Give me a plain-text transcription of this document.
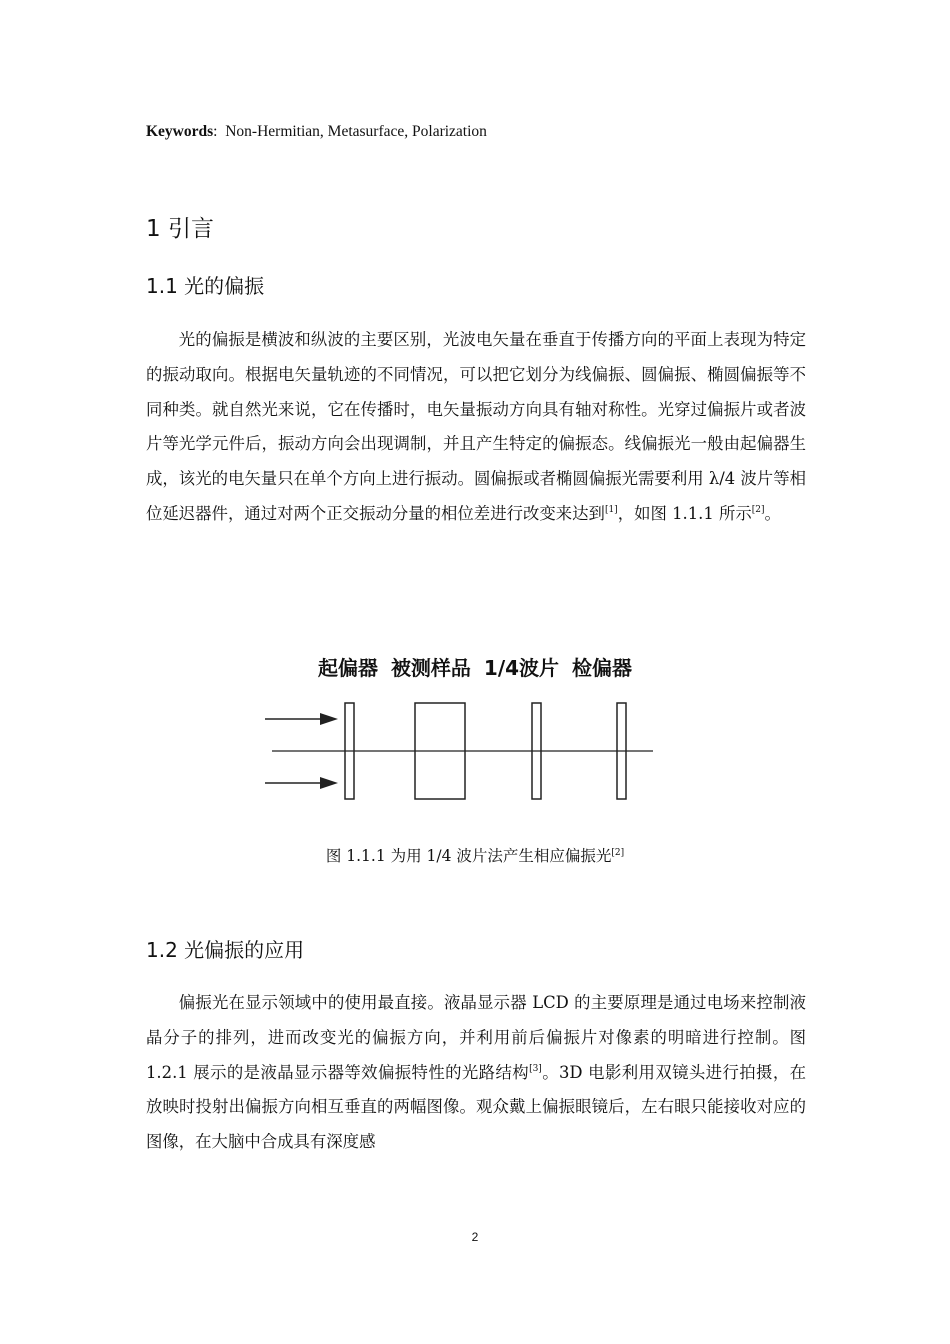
Keywords: Non-Hermitian, Metasurface, Polarization
1 引言
1.1 光的偏振
光的偏振是横波和纵波的主要区别，光波电矢量在垂直于传播方向的平面上表现为特定的振动取向。根据电矢量轨迹的不同情况，可以把它划分为线偏振、圆偏振、椭圆偏振等不同种类。就自然光来说，它在传播时，电矢量振动方向具有轴对称性。光穿过偏振片或者波片等光学元件后，振动方向会出现调制，并且产生特定的偏振态。线偏振光一般由起偏器生成，该光的电矢量只在单个方向上进行振动。圆偏振或者椭圆偏振光需要利用 λ/4 波片等相位延迟器件，通过对两个正交振动分量的相位差进行改变来达到[1]，如图 1.1.1 所示[2]。
起偏器 被测样品 1/4波片 检偏器
图 1.1.1 为用 1/4 波片法产生相应偏振光[2]
1.2 光偏振的应用
偏振光在显示领域中的使用最直接。液晶显示器 LCD 的主要原理是通过电场来控制液晶分子的排列，进而改变光的偏振方向，并利用前后偏振片对像素的明暗进行控制。图 1.2.1 展示的是液晶显示器等效偏振特性的光路结构[3]。3D 电影利用双镜头进行拍摄，在放映时投射出偏振方向相互垂直的两幅图像。观众戴上偏振眼镜后，左右眼只能接收对应的图像，在大脑中合成具有深度感
2
